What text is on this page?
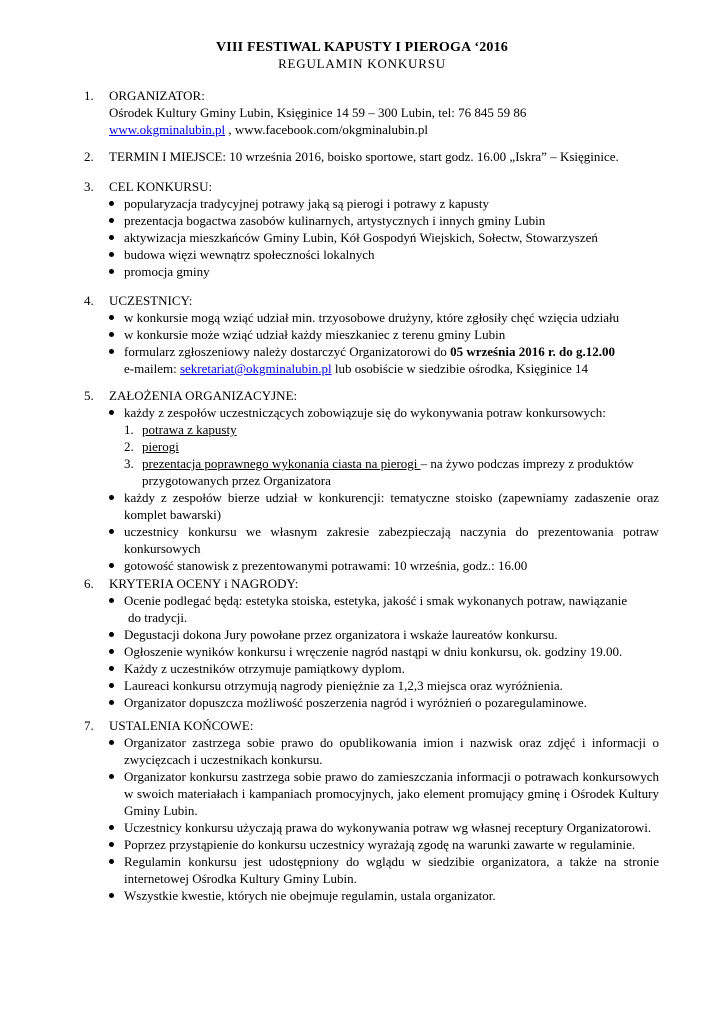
VIII FESTIWAL KAPUSTY I PIEROGA ‘2016
REGULAMIN KONKURSU
1. ORGANIZATOR:
Ośrodek Kultury Gminy Lubin, Księginice 14 59 – 300 Lubin, tel: 76 845 59 86
www.okgminalubin.pl , www.facebook.com/okgminalubin.pl
2. TERMIN I MIEJSCE: 10 września 2016, boisko sportowe, start godz. 16.00 „Iskra” – Księginice.
3. CEL KONKURSU:
popularyzacja tradycyjnej potrawy jaką są pierogi i potrawy z kapusty
prezentacja bogactwa zasobów kulinarnych, artystycznych i innych gminy Lubin
aktywizacja mieszkańców Gminy Lubin, Kół Gospodyń Wiejskich, Sołectw, Stowarzyszeń
budowa więzi wewnątrz społeczności lokalnych
promocja gminy
4. UCZESTNICY:
w konkursie mogą wziąć udział min. trzyosobowe drużyny, które zgłosiły chęć wzięcia udziału
w konkursie może wziąć udział każdy mieszkaniec z terenu gminy Lubin
formularz zgłoszeniowy należy dostarczyć Organizatorowi do 05 września 2016 r. do g.12.00
e-mailem: sekretariat@okgminalubin.pl lub osobiście w siedzibie ośrodka, Księginice 14
5. ZAŁOŻENIA ORGANIZACYJNE:
każdy z zespołów uczestniczących zobowiązuje się do wykonywania potraw konkursowych:
1. potrawa z kapusty
2. pierogi
3. prezentacja poprawnego wykonania ciasta na pierogi – na żywo podczas imprezy z produktów przygotowanych przez Organizatora
każdy z zespołów bierze udział w konkurencji: tematyczne stoisko (zapewniamy zadaszenie oraz komplet bawarski)
uczestnicy konkursu we własnym zakresie zabezpieczają naczynia do prezentowania potraw konkursowych
gotowość stanowisk z prezentowanymi potrawami: 10 września, godz.: 16.00
6. KRYTERIA OCENY i NAGRODY:
Ocenie podlegać będą: estetyka stoiska, estetyka, jakość i smak wykonanych potraw, nawiązanie
do tradycji.
Degustacji dokona Jury powołane przez organizatora i wskaże laureatów konkursu.
Ogłoszenie wyników konkursu i wręczenie nagród nastąpi w dniu konkursu, ok. godziny 19.00.
Każdy z uczestników otrzymuje pamiątkowy dyplom.
Laureaci konkursu otrzymują nagrody pieniężnie za 1,2,3 miejsca oraz wyróżnienia.
Organizator dopuszcza możliwość poszerzenia nagród i wyróżnień o pozaregulaminowe.
7. USTALENIA KOŃCOWE:
Organizator zastrzega sobie prawo do opublikowania imion i nazwisk oraz zdjęć i informacji o zwycięzcach i uczestnikach konkursu.
Organizator konkursu zastrzega sobie prawo do zamieszczania informacji o potrawach konkursowych w swoich materiałach i kampaniach promocyjnych, jako element promujący gminę i Ośrodek Kultury Gminy Lubin.
Uczestnicy konkursu użyczają prawa do wykonywania potraw wg własnej receptury Organizatorowi.
Poprzez przystąpienie do konkursu uczestnicy wyrażają zgodę na warunki zawarte w regulaminie.
Regulamin konkursu jest udostępniony do wglądu w siedzibie organizatora, a także na stronie internetowej Ośrodka Kultury Gminy Lubin.
Wszystkie kwestie, których nie obejmuje regulamin, ustala organizator.
